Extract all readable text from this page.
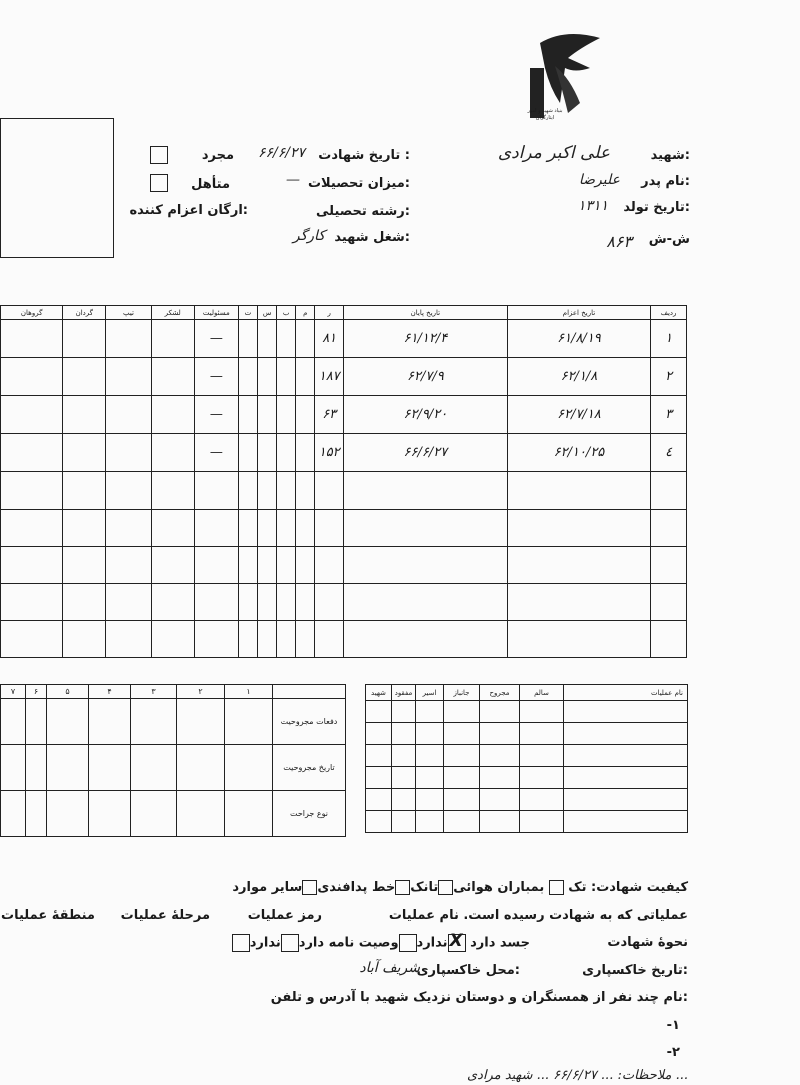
بنیاد شهید و امور ایثارگران
شهید:
علی اکبر مرادی
نام پدر:
علیرضا
تاریخ تولد:
۱۳۱۱
ش-ش
۸۶۳
تاریخ شهادت :
۶۶/۶/۲۷
میزان تحصیلات:
—
رشته تحصیلی:
شغل شهید:
کارگر
مجرد
متأهل
ارگان اعزام کننده:
ردیف	تاریخ اعزام	تاریخ پایان	ر	م	ب	س	ت	مسئولیت	لشکر	تیپ	گردان	گروهان	
۱	۶۱/۸/۱۹	۶۱/۱۲/۴	۸۱					—					
۲	۶۲/۱/۸	۶۲/۷/۹	۱۸۷					—					
۳	۶۲/۷/۱۸	۶۲/۹/۲۰	۶۳					—					
٤	۶۲/۱۰/۲۵	۶۶/۶/۲۷	۱۵۲					—					

	۱	۲	۳	۴	۵	۶	۷
دفعات مجروحیت							
تاریخ مجروحیت							
نوع جراحت							
نام عملیات	سالم	مجروح	جانباز	اسیر	مفقود	شهید

کیفیت شهادت: تک  بمباران هوائیتانکخط پدافندیسایر موارد
عملیاتی که به شهادت رسیده است. نام عملیات
رمز عملیات
مرحلهٔ عملیات
منطقهٔ عملیات
نحوهٔ شهادت
جسد دارد
X
نداردوصیت نامه داردندارد
تاریخ خاکسپاری:
محل خاکسپاری:
شریف آباد
نام چند نفر از همسنگران و دوستان نزدیک شهید با آدرس و تلفن:
-۱
-۲
ملاحظات: ... ۶۶/۶/۲۷ ... شهید مرادی ...
